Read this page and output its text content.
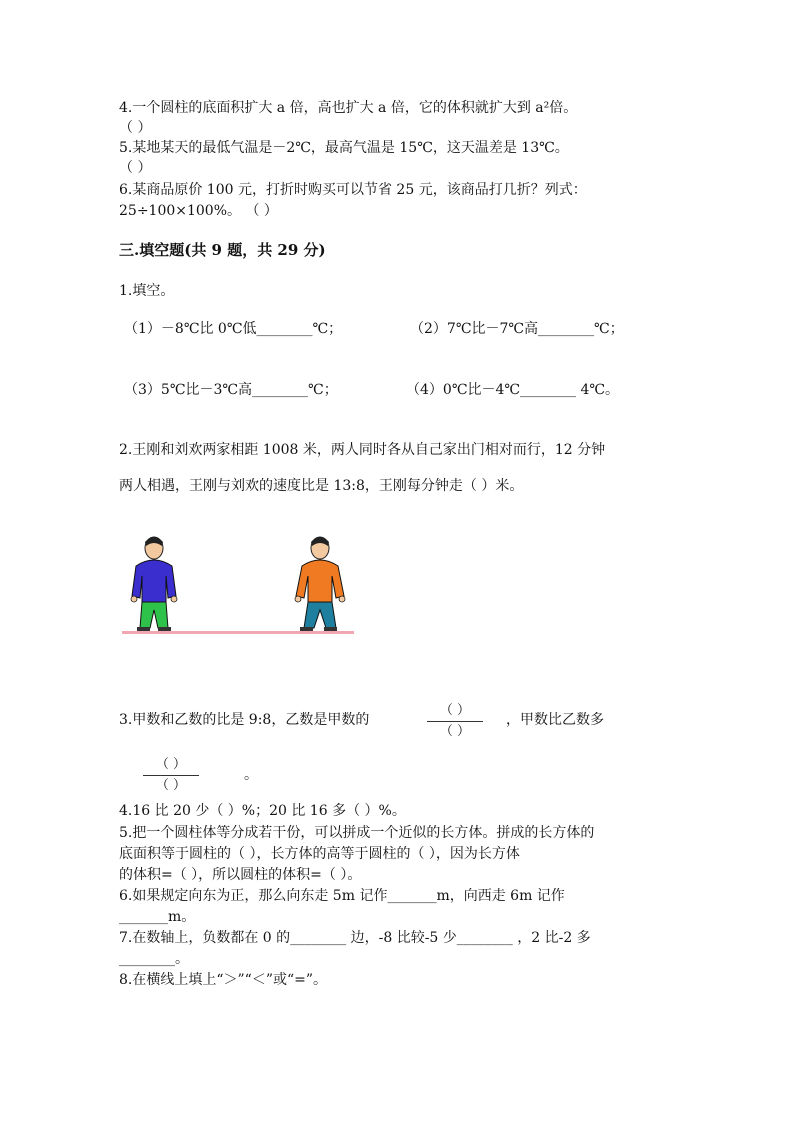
4.一个圆柱的底面积扩大 a 倍，高也扩大 a 倍，它的体积就扩大到 a²倍。
（ ）
5.某地某天的最低气温是－2℃，最高气温是 15℃，这天温差是 13℃。
（ ）
6.某商品原价 100 元，打折时购买可以节省 25 元，该商品打几折？列式：
25÷100×100%。 （ ）
三.填空题(共 9 题，共 29 分)
1.填空。
（1）－8℃比 0℃低________℃；	（2）7℃比－7℃高________℃；
（3）5℃比－3℃高________℃；	（4）0℃比－4℃________ 4℃。
2.王刚和刘欢两家相距 1008 米，两人同时各从自己家出门相对而行，12 分钟
两人相遇，王刚与刘欢的速度比是 13:8，王刚每分钟走（ ）米。
3.甲数和乙数的比是 9:8，乙数是甲数的
（ ）
（ ）
，甲数比乙数多
（ ）
（ ）
。
4.16 比 20 少（ ）%；20 比 16 多（ ）%。
5.把一个圆柱体等分成若干份，可以拼成一个近似的长方体。拼成的长方体的
底面积等于圆柱的（ ），长方体的高等于圆柱的（ ），因为长方体
的体积=（ ），所以圆柱的体积=（ ）。
6.如果规定向东为正，那么向东走 5m 记作_______m，向西走 6m 记作
_______m。
7.在数轴上，负数都在 0 的________ 边，-8 比较-5 少________ ，2 比-2 多
________。
8.在横线上填上“＞”“＜”或“=”。
